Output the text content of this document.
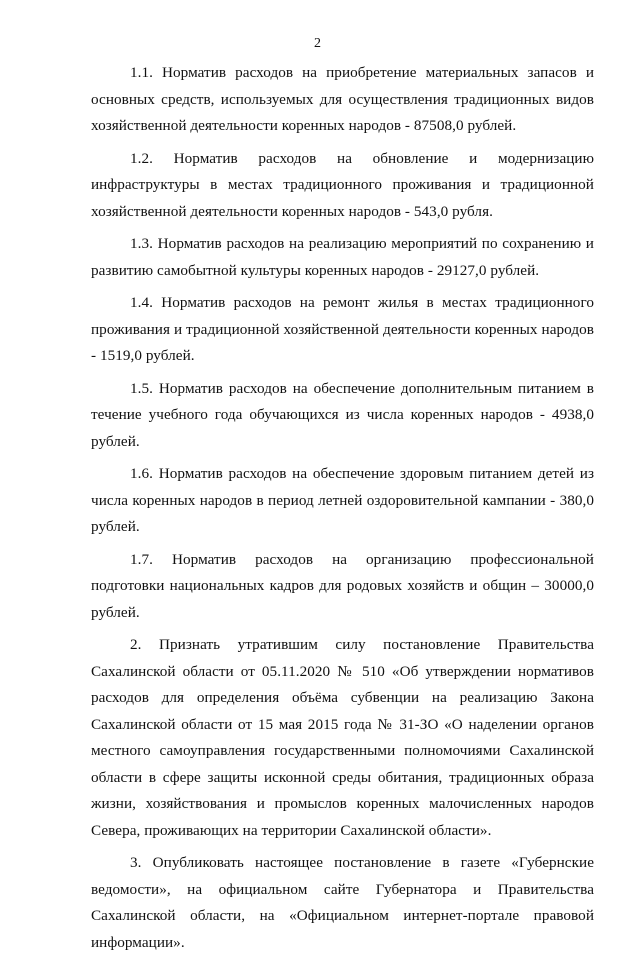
2

1.1. Норматив расходов на приобретение материальных запасов и основных средств, используемых для осуществления традиционных видов хозяйственной деятельности коренных народов - 87508,0 рублей.

1.2. Норматив расходов на обновление и модернизацию инфраструктуры в местах традиционного проживания и традиционной хозяйственной деятельности коренных народов - 543,0 рубля.

1.3. Норматив расходов на реализацию мероприятий по сохранению и развитию самобытной культуры коренных народов - 29127,0 рублей.

1.4. Норматив расходов на ремонт жилья в местах традиционного проживания и традиционной хозяйственной деятельности коренных народов - 1519,0 рублей.

1.5. Норматив расходов на обеспечение дополнительным питанием в течение учебного года обучающихся из числа коренных народов - 4938,0 рублей.

1.6. Норматив расходов на обеспечение здоровым питанием детей из числа коренных народов в период летней оздоровительной кампании - 380,0 рублей.

1.7. Норматив расходов на организацию профессиональной подготовки национальных кадров для родовых хозяйств и общин – 30000,0 рублей.

2. Признать утратившим силу постановление Правительства Сахалинской области от 05.11.2020 № 510 «Об утверждении нормативов расходов для определения объёма субвенции на реализацию Закона Сахалинской области от 15 мая 2015 года № 31-ЗО «О наделении органов местного самоуправления государственными полномочиями Сахалинской области в сфере защиты исконной среды обитания, традиционных образа жизни, хозяйствования и промыслов коренных малочисленных народов Севера, проживающих на территории Сахалинской области».

3. Опубликовать настоящее постановление в газете «Губернские ведомости», на официальном сайте Губернатора и Правительства Сахалинской области, на «Официальном интернет-портале правовой информации».
